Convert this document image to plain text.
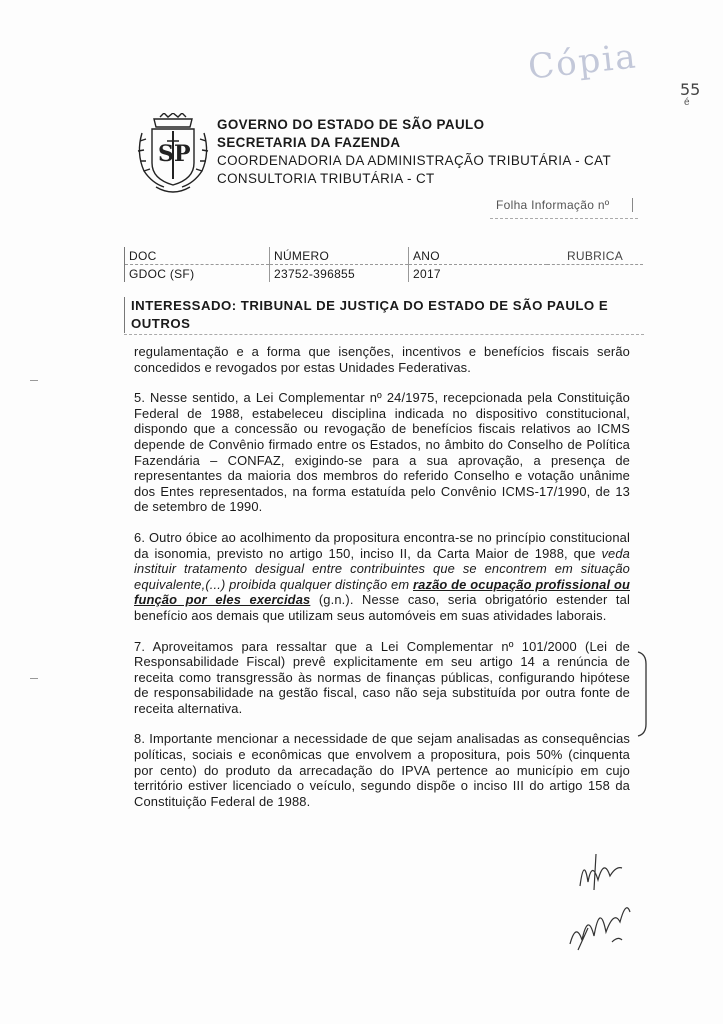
Cópia
55
é
S P
GOVERNO DO ESTADO DE SÃO PAULO
SECRETARIA DA FAZENDA
COORDENADORIA DA ADMINISTRAÇÃO TRIBUTÁRIA - CAT
CONSULTORIA TRIBUTÁRIA - CT
Folha Informação nº
DOC	NÚMERO	ANO	RUBRICA
GDOC (SF)	23752-396855	2017	
INTERESSADO: TRIBUNAL DE JUSTIÇA DO ESTADO DE SÃO PAULO E OUTROS

regulamentação e a forma que isenções, incentivos e benefícios fiscais serão concedidos e revogados por estas Unidades Federativas.

5. Nesse sentido, a Lei Complementar nº 24/1975, recepcionada pela Constituição Federal de 1988, estabeleceu disciplina indicada no dispositivo constitucional, dispondo que a concessão ou revogação de benefícios fiscais relativos ao ICMS depende de Convênio firmado entre os Estados, no âmbito do Conselho de Política Fazendária – CONFAZ, exigindo-se para a sua aprovação, a presença de representantes da maioria dos membros do referido Conselho e votação unânime dos Entes representados, na forma estatuída pelo Convênio ICMS-17/1990, de 13 de setembro de 1990.

6. Outro óbice ao acolhimento da propositura encontra-se no princípio constitucional da isonomia, previsto no artigo 150, inciso II, da Carta Maior de 1988, que veda instituir tratamento desigual entre contribuintes que se encontrem em situação equivalente,(...) proibida qualquer distinção em razão de ocupação profissional ou função por eles exercidas (g.n.). Nesse caso, seria obrigatório estender tal benefício aos demais que utilizam seus automóveis em suas atividades laborais.

7. Aproveitamos para ressaltar que a Lei Complementar nº 101/2000 (Lei de Responsabilidade Fiscal) prevê explicitamente em seu artigo 14 a renúncia de receita como transgressão às normas de finanças públicas, configurando hipótese de responsabilidade na gestão fiscal, caso não seja substituída por outra fonte de receita alternativa.

8. Importante mencionar a necessidade de que sejam analisadas as consequências políticas, sociais e econômicas que envolvem a propositura, pois 50% (cinquenta por cento) do produto da arrecadação do IPVA pertence ao município em cujo território estiver licenciado o veículo, segundo dispõe o inciso III do artigo 158 da Constituição Federal de 1988.
